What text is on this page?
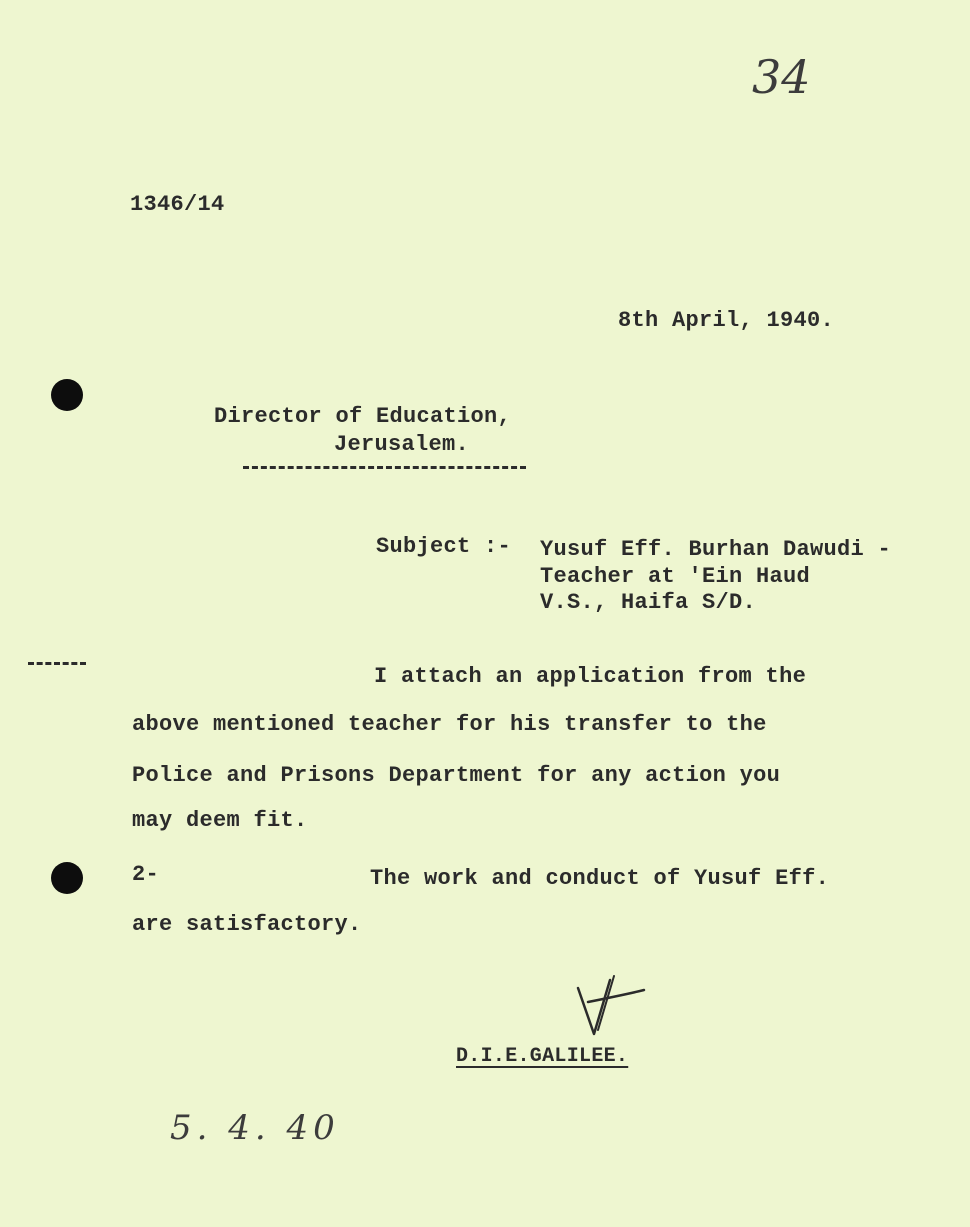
34

1346/14

8th April, 1940.

Director of Education,

Jerusalem.

Subject :- Yusuf Eff. Burhan Dawudi -

Teacher at 'Ein Haud

V.S., Haifa S/D.

I attach an application from the

above mentioned teacher for his transfer to the

Police and Prisons Department for any action you

may deem fit.

2-	The work and conduct of Yusuf Eff.

are satisfactory.

D.I.E.GALILEE.

5. 4. 40
